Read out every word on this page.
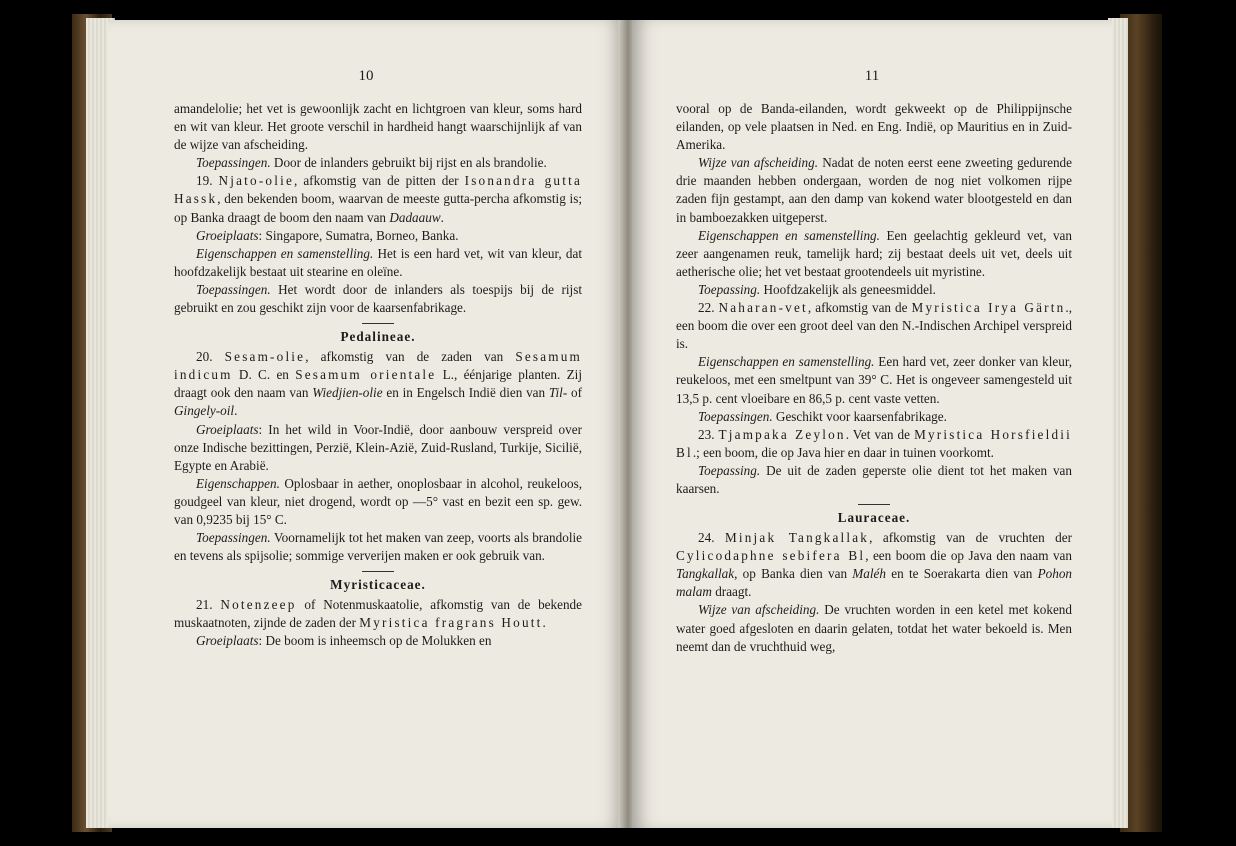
10

amandelolie; het vet is gewoonlijk zacht en lichtgroen van kleur, soms hard en wit van kleur. Het groote verschil in hardheid hangt waarschijnlijk af van de wijze van afscheiding.

Toepassingen. Door de inlanders gebruikt bij rijst en als brandolie.

19. Njato-olie, afkomstig van de pitten der Isonandra gutta Hassk, den bekenden boom, waarvan de meeste gutta-percha afkomstig is; op Banka draagt de boom den naam van Dadaauw.

Groeiplaats: Singapore, Sumatra, Borneo, Banka.

Eigenschappen en samenstelling. Het is een hard vet, wit van kleur, dat hoofdzakelijk bestaat uit stearine en oleïne.

Toepassingen. Het wordt door de inlanders als toespijs bij de rijst gebruikt en zou geschikt zijn voor de kaarsenfabrikage.

Pedalineae.

20. Sesam-olie, afkomstig van de zaden van Sesamum indicum D. C. en Sesamum orientale L., éénjarige planten. Zij draagt ook den naam van Wiedjien-olie en in Engelsch Indië dien van Til- of Gingely-oil.

Groeiplaats: In het wild in Voor-Indië, door aanbouw verspreid over onze Indische bezittingen, Perzië, Klein-Azië, Zuid-Rusland, Turkije, Sicilië, Egypte en Arabië.

Eigenschappen. Oplosbaar in aether, onoplosbaar in alcohol, reukeloos, goudgeel van kleur, niet drogend, wordt op —5° vast en bezit een sp. gew. van 0,9235 bij 15° C.

Toepassingen. Voornamelijk tot het maken van zeep, voorts als brandolie en tevens als spijsolie; sommige ververijen maken er ook gebruik van.

Myristicaceae.

21. Notenzeep of Notenmuskaatolie, afkomstig van de bekende muskaatnoten, zijnde de zaden der Myristica fragrans Houtt.

Groeiplaats: De boom is inheemsch op de Molukken en

11

vooral op de Banda-eilanden, wordt gekweekt op de Philippijnsche eilanden, op vele plaatsen in Ned. en Eng. Indië, op Mauritius en in Zuid-Amerika.

Wijze van afscheiding. Nadat de noten eerst eene zweeting gedurende drie maanden hebben ondergaan, worden de nog niet volkomen rijpe zaden fijn gestampt, aan den damp van kokend water blootgesteld en dan in bamboezakken uitgeperst.

Eigenschappen en samenstelling. Een geelachtig gekleurd vet, van zeer aangenamen reuk, tamelijk hard; zij bestaat deels uit vet, deels uit aetherische olie; het vet bestaat grootendeels uit myristine.

Toepassing. Hoofdzakelijk als geneesmiddel.

22. Naharan-vet, afkomstig van de Myristica Irya Gärtn., een boom die over een groot deel van den N.-Indischen Archipel verspreid is.

Eigenschappen en samenstelling. Een hard vet, zeer donker van kleur, reukeloos, met een smeltpunt van 39° C. Het is ongeveer samengesteld uit 13,5 p. cent vloeibare en 86,5 p. cent vaste vetten.

Toepassingen. Geschikt voor kaarsenfabrikage.

23. Tjampaka Zeylon. Vet van de Myristica Horsfieldii Bl.; een boom, die op Java hier en daar in tuinen voorkomt.

Toepassing. De uit de zaden geperste olie dient tot het maken van kaarsen.

Lauraceae.

24. Minjak Tangkallak, afkomstig van de vruchten der Cylicodaphne sebifera Bl, een boom die op Java den naam van Tangkallak, op Banka dien van Maléh en te Soerakarta dien van Pohon malam draagt.

Wijze van afscheiding. De vruchten worden in een ketel met kokend water goed afgesloten en daarin gelaten, totdat het water bekoeld is. Men neemt dan de vruchthuid weg,
